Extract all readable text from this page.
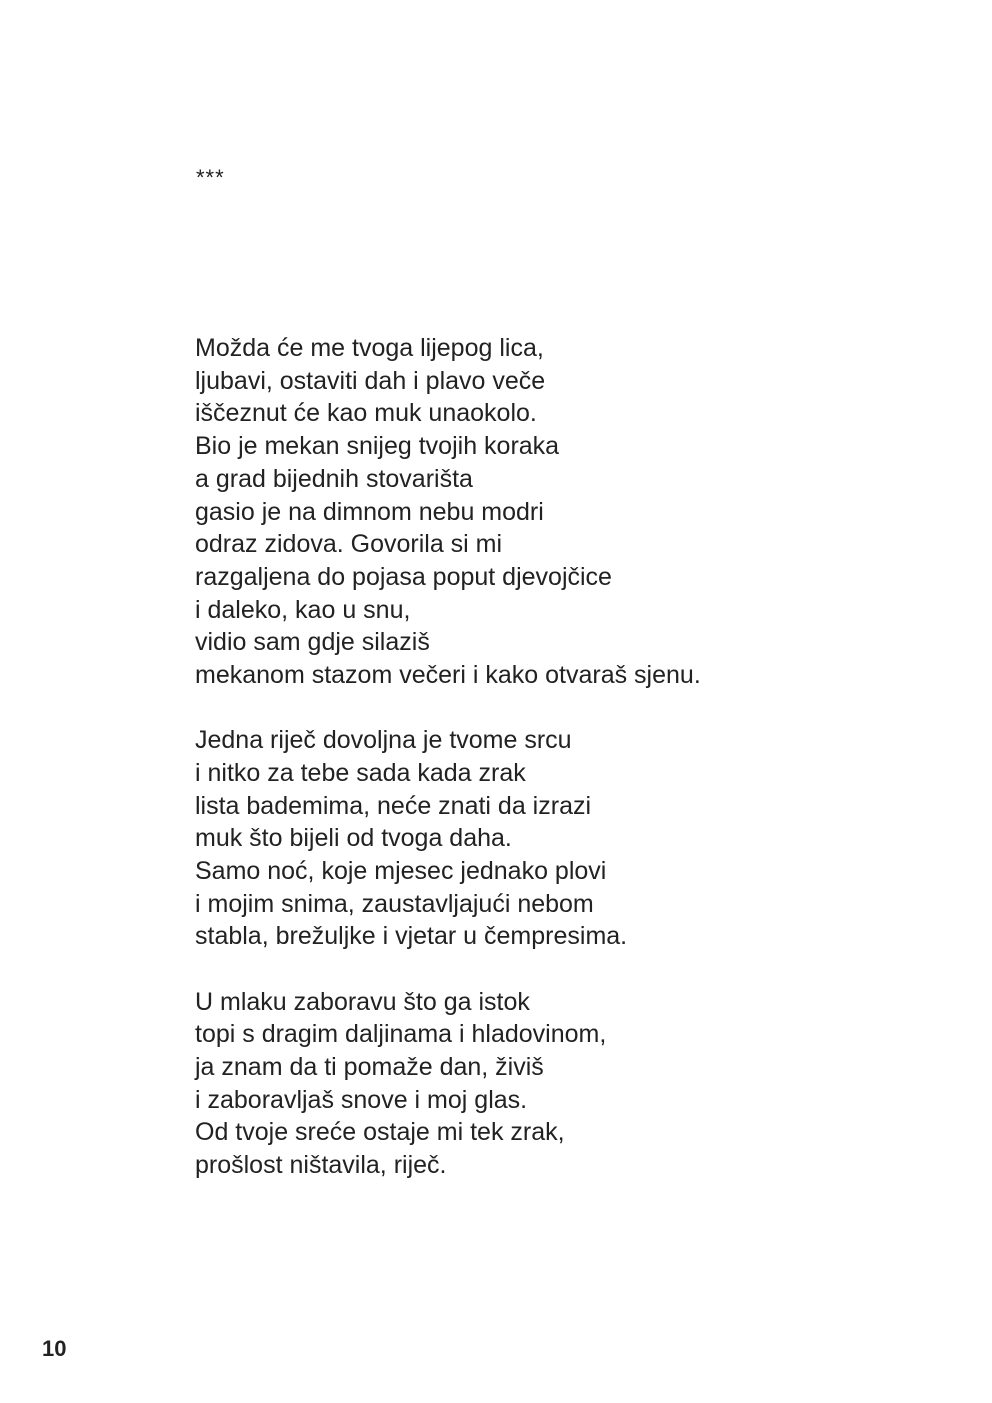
***
Možda će me tvoga lijepog lica,
ljubavi, ostaviti dah i plavo veče
iščeznut će kao muk unaokolo.
Bio je mekan snijeg tvojih koraka
a grad bijednih stovarišta
gasio je na dimnom nebu modri
odraz zidova. Govorila si mi
razgaljena do pojasa poput djevojčice
i daleko, kao u snu,
vidio sam gdje silaziš
mekanom stazom večeri i kako otvaraš sjenu.
Jedna riječ dovoljna je tvome srcu
i nitko za tebe sada kada zrak
lista bademima, neće znati da izrazi
muk što bijeli od tvoga daha.
Samo noć, koje mjesec jednako plovi
i mojim snima, zaustavljajući nebom
stabla, brežuljke i vjetar u čempresima.
U mlaku zaboravu što ga istok
topi s dragim daljinama i hladovinom,
ja znam da ti pomaže dan, živiš
i zaboravljaš snove i moj glas.
Od tvoje sreće ostaje mi tek zrak,
prošlost ništavila, riječ.
10
